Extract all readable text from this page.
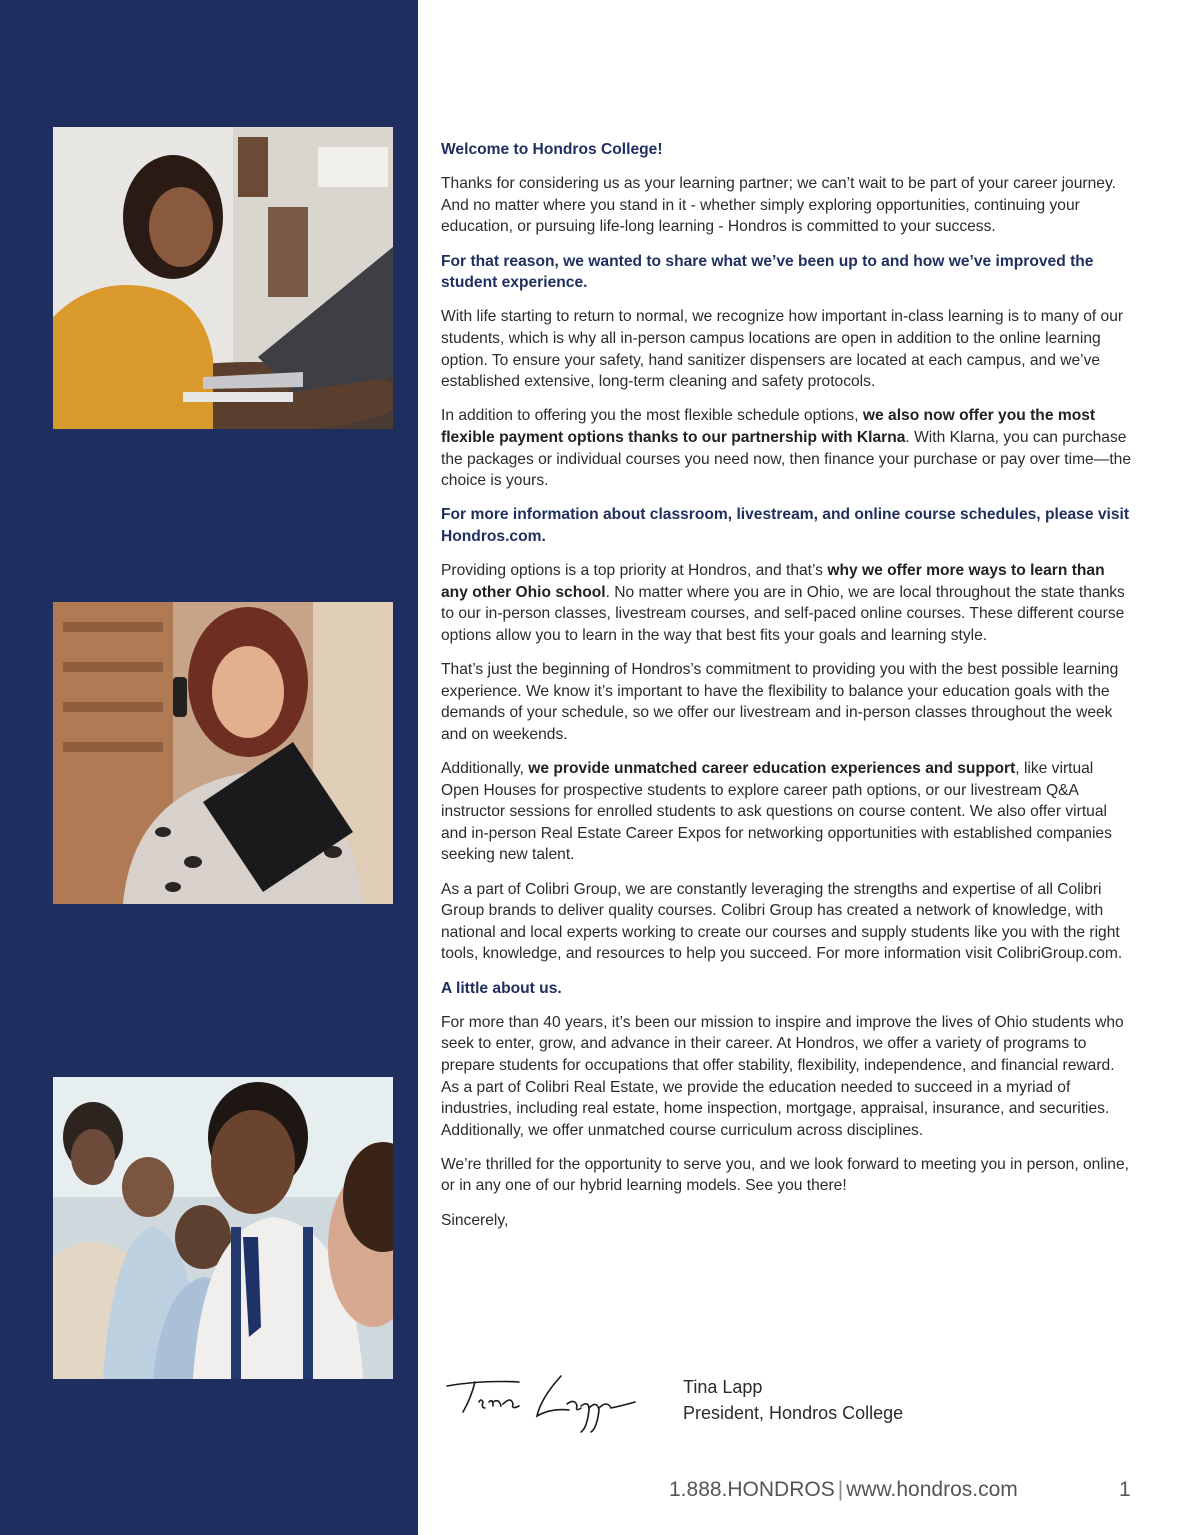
Welcome to Hondros College!

Thanks for considering us as your learning partner; we can’t wait to be part of your career journey. And no matter where you stand in it - whether simply exploring opportunities, continuing your education, or pursuing life-long learning - Hondros is committed to your success.

For that reason, we wanted to share what we’ve been up to and how we’ve improved the student experience.

With life starting to return to normal, we recognize how important in-class learning is to many of our students, which is why all in-person campus locations are open in addition to the online learning option. To ensure your safety, hand sanitizer dispensers are located at each campus, and we’ve established extensive, long-term cleaning and safety protocols.

In addition to offering you the most flexible schedule options, we also now offer you the most flexible payment options thanks to our partnership with Klarna. With Klarna, you can purchase the packages or individual courses you need now, then finance your purchase or pay over time—the choice is yours.

For more information about classroom, livestream, and online course schedules, please visit Hondros.com.

Providing options is a top priority at Hondros, and that’s why we offer more ways to learn than any other Ohio school. No matter where you are in Ohio, we are local throughout the state thanks to our in-person classes, livestream courses, and self-paced online courses. These different course options allow you to learn in the way that best fits your goals and learning style.

That’s just the beginning of Hondros’s commitment to providing you with the best possible learning experience. We know it’s important to have the flexibility to balance your education goals with the demands of your schedule, so we offer our livestream and in-person classes throughout the week and on weekends.

Additionally, we provide unmatched career education experiences and support, like virtual Open Houses for prospective students to explore career path options, or our livestream Q&A instructor sessions for enrolled students to ask questions on course content. We also offer virtual and in-person Real Estate Career Expos for networking opportunities with established companies seeking new talent.

As a part of Colibri Group, we are constantly leveraging the strengths and expertise of all Colibri Group brands to deliver quality courses. Colibri Group has created a network of knowledge, with national and local experts working to create our courses and supply students like you with the right tools, knowledge, and resources to help you succeed. For more information visit ColibriGroup.com.

A little about us.

For more than 40 years, it’s been our mission to inspire and improve the lives of Ohio students who seek to enter, grow, and advance in their career. At Hondros, we offer a variety of programs to prepare students for occupations that offer stability, flexibility, independence, and financial reward. As a part of Colibri Real Estate, we provide the education needed to succeed in a myriad of industries, including real estate, home inspection, mortgage, appraisal, insurance, and securities. Additionally, we offer unmatched course curriculum across disciplines.

We’re thrilled for the opportunity to serve you, and we look forward to meeting you in person, online, or in any one of our hybrid learning models. See you there!

Sincerely,

Tina Lapp
President, Hondros College
1.888.HONDROS | www.hondros.com	1
